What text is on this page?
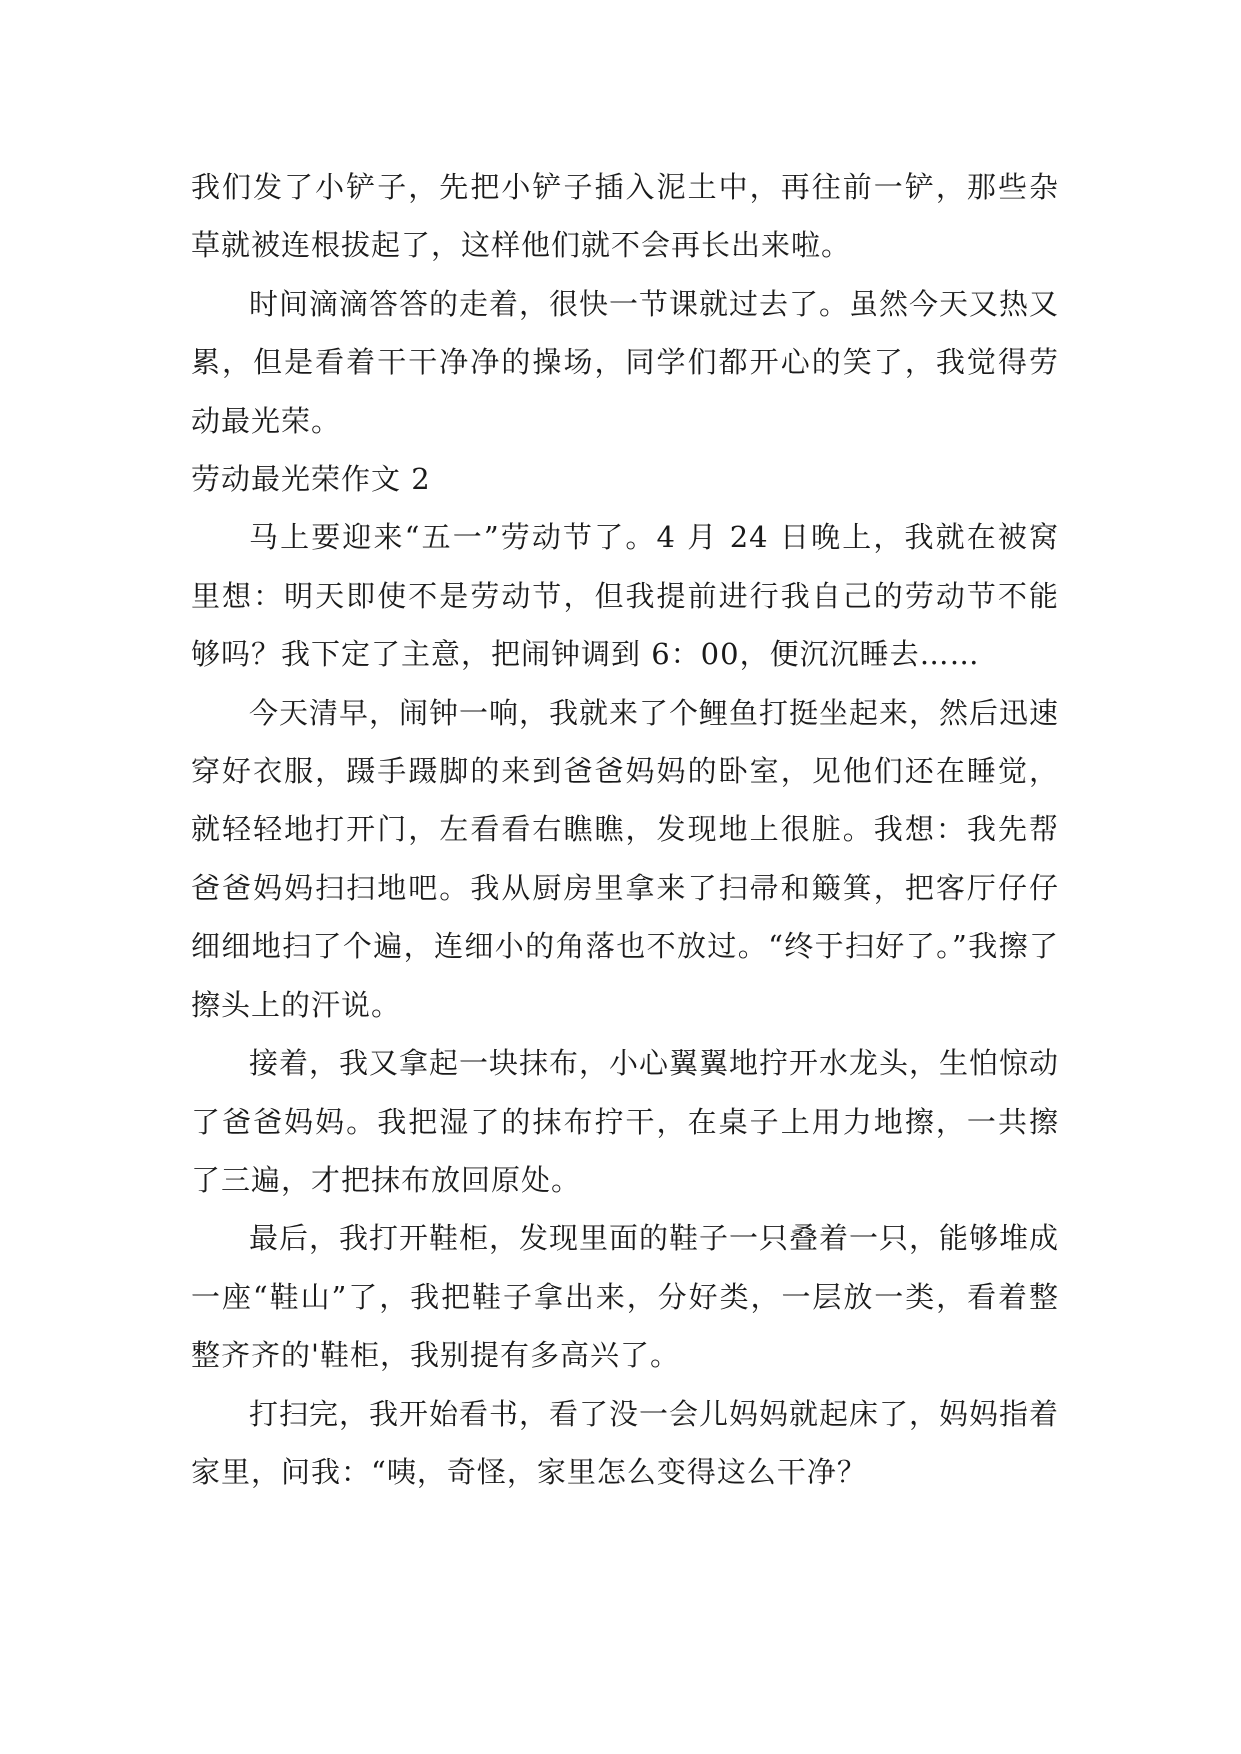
我们发了小铲子，先把小铲子插入泥土中，再往前一铲，那些杂草就被连根拔起了，这样他们就不会再长出来啦。

时间滴滴答答的走着，很快一节课就过去了。虽然今天又热又累，但是看着干干净净的操场，同学们都开心的笑了，我觉得劳动最光荣。

劳动最光荣作文 2

马上要迎来“五一”劳动节了。4 月 24 日晚上，我就在被窝里想：明天即使不是劳动节，但我提前进行我自己的劳动节不能够吗？我下定了主意，把闹钟调到 6：00，便沉沉睡去……

今天清早，闹钟一响，我就来了个鲤鱼打挺坐起来，然后迅速穿好衣服，蹑手蹑脚的来到爸爸妈妈的卧室，见他们还在睡觉，就轻轻地打开门，左看看右瞧瞧，发现地上很脏。我想：我先帮爸爸妈妈扫扫地吧。我从厨房里拿来了扫帚和簸箕，把客厅仔仔细细地扫了个遍，连细小的角落也不放过。“终于扫好了。”我擦了擦头上的汗说。

接着，我又拿起一块抹布，小心翼翼地拧开水龙头，生怕惊动了爸爸妈妈。我把湿了的抹布拧干，在桌子上用力地擦，一共擦了三遍，才把抹布放回原处。

最后，我打开鞋柜，发现里面的鞋子一只叠着一只，能够堆成一座“鞋山”了，我把鞋子拿出来，分好类，一层放一类，看着整整齐齐的'鞋柜，我别提有多高兴了。

打扫完，我开始看书，看了没一会儿妈妈就起床了，妈妈指着家里，问我：“咦，奇怪，家里怎么变得这么干净？
